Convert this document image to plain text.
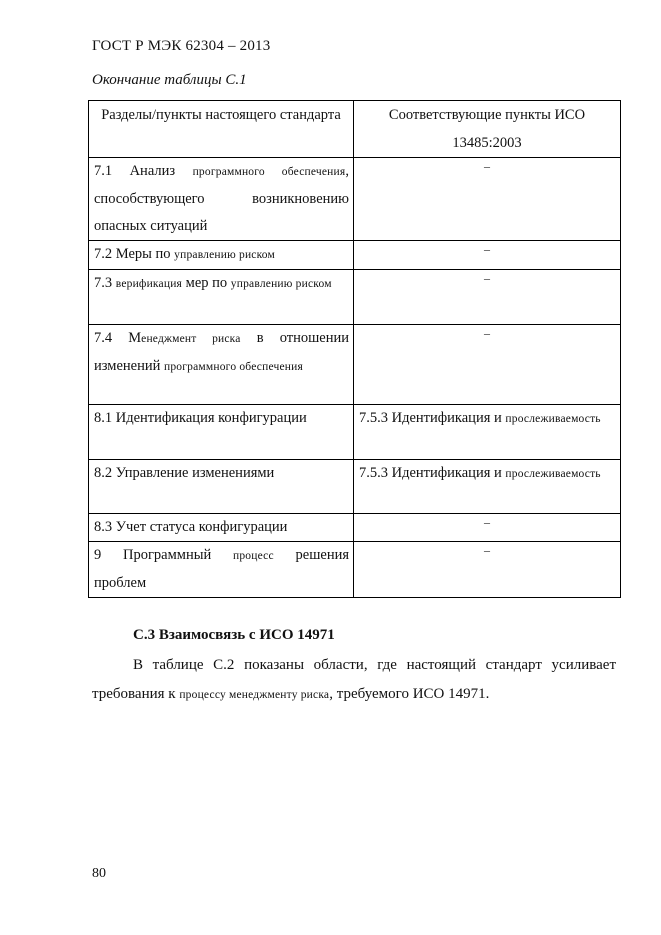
ГОСТ Р МЭК 62304 – 2013
Окончание таблицы С.1
Разделы/пункты настоящего стандарта	Соответствующие пункты ИСО 13485:2003
7.1 Анализ программного обеспечения, способствующего возникновению опасных ситуаций	–
7.2 Меры по управлению риском	–
7.3 верификация мер по управлению риском	–
7.4 Менеджмент риска в отношении изменений программного обеспечения	–
8.1 Идентификация конфигурации	7.5.3 Идентификация и прослеживаемость
8.2 Управление изменениями	7.5.3 Идентификация и прослеживаемость
8.3 Учет статуса конфигурации	–
9 Программный процесс решения проблем	–
С.3 Взаимосвязь с ИСО 14971
В таблице С.2 показаны области, где настоящий стандарт усиливает требования к процессу менеджменту риска, требуемого ИСО 14971.
80
